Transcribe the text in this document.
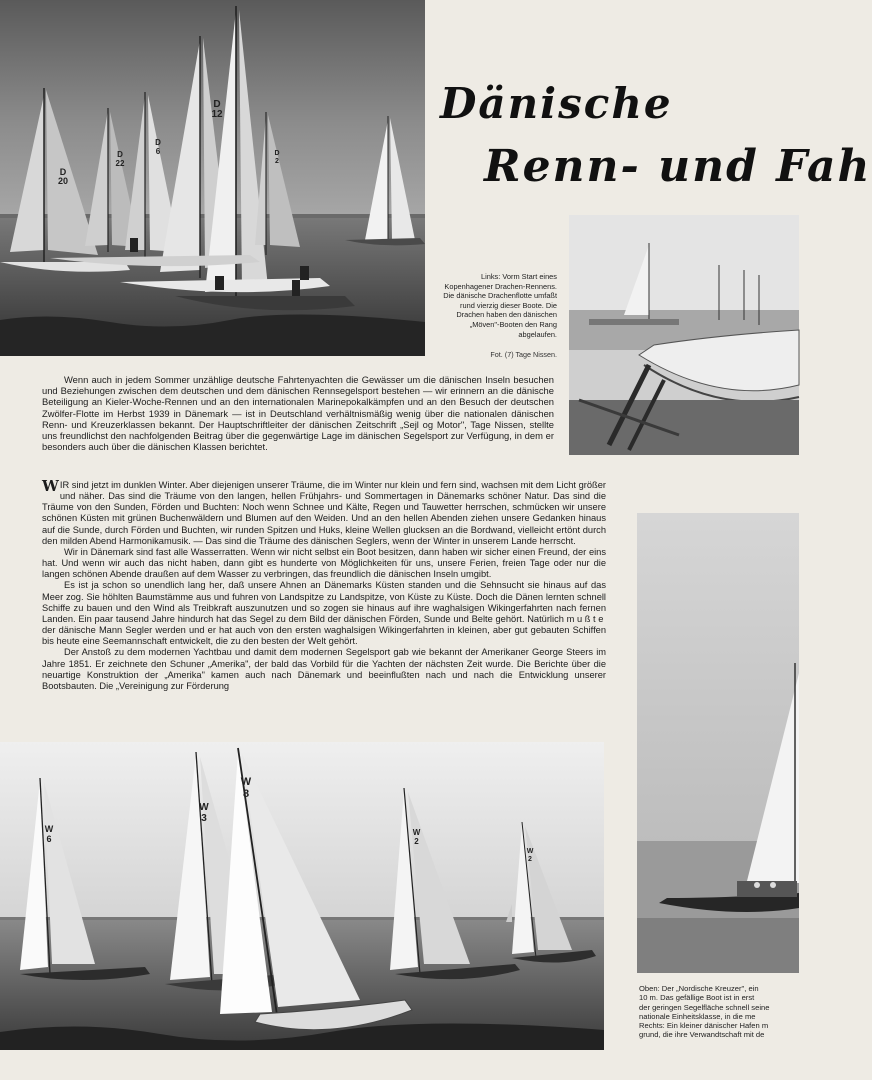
D 20
D 22
D 6
D 12
D 2
Dänische
Renn- und Fah
Links: Vorm Start eines Kopenhagener Drachen-Rennens. Die dänische Drachenflotte umfaßt rund vierzig dieser Boote. Die Drachen haben den dänischen „Möven"-Booten den Rang abgelaufen.
Fot. (7) Tage Nissen.

Wenn auch in jedem Sommer unzählige deutsche Fahrtenyachten die Gewässer um die dänischen Inseln besuchen und Beziehungen zwischen dem deutschen und dem dänischen Rennsegelsport bestehen — wir erinnern an die dänische Beteiligung an Kieler-Woche-Rennen und an den internationalen Marinepokalkämpfen und an den Besuch der deutschen Zwölfer-Flotte im Herbst 1939 in Dänemark — ist in Deutschland verhältnismäßig wenig über die nationalen dänischen Renn- und Kreuzerklassen bekannt. Der Hauptschriftleiter der dänischen Zeitschrift „Sejl og Motor", Tage Nissen, stellte uns freundlichst den nachfolgenden Beitrag über die gegenwärtige Lage im dänischen Segelsport zur Verfügung, in dem er besonders auch über die dänischen Klassen berichtet.

WIR sind jetzt im dunklen Winter. Aber diejenigen unserer Träume, die im Winter nur klein und fern sind, wachsen mit dem Licht größer und näher. Das sind die Träume von den langen, hellen Frühjahrs- und Sommertagen in Dänemarks schöner Natur. Das sind die Träume von den Sunden, Förden und Buchten: Noch wenn Schnee und Kälte, Regen und Tauwetter herrschen, schmücken wir unsere schönen Küsten mit grünen Buchenwäldern und Blumen auf den Weiden. Und an den hellen Abenden ziehen unsere Gedanken hinaus auf die Sunde, durch Förden und Buchten, wir runden Spitzen und Huks, kleine Wellen glucksen an die Bordwand, vielleicht ertönt durch den milden Abend Harmonikamusik. — Das sind die Träume des dänischen Seglers, wenn der Winter in unserem Lande herrscht.

Wir in Dänemark sind fast alle Wasserratten. Wenn wir nicht selbst ein Boot besitzen, dann haben wir sicher einen Freund, der eins hat. Und wenn wir auch das nicht haben, dann gibt es hunderte von Möglichkeiten für uns, unsere Ferien, freien Tage oder nur die langen schönen Abende draußen auf dem Wasser zu verbringen, das freundlich die dänischen Inseln umgibt.

Es ist ja schon so unendlich lang her, daß unsere Ahnen an Dänemarks Küsten standen und die Sehnsucht sie hinaus auf das Meer zog. Sie höhlten Baumstämme aus und fuhren von Landspitze zu Landspitze, von Küste zu Küste. Doch die Dänen lernten schnell Schiffe zu bauen und den Wind als Treibkraft auszunutzen und so zogen sie hinaus auf ihre waghalsigen Wikingerfahrten nach fernen Landen. Ein paar tausend Jahre hindurch hat das Segel zu dem Bild der dänischen Förden, Sunde und Belte gehört. Natürlich mußte der dänische Mann Segler werden und er hat auch von den ersten waghalsigen Wikingerfahrten in kleinen, aber gut gebauten Schiffen bis heute eine Seemannschaft entwickelt, die zu den besten der Welt gehört.

Der Anstoß zu dem modernen Yachtbau und damit dem modernen Segelsport gab wie bekannt der Amerikaner George Steers im Jahre 1851. Er zeichnete den Schuner „Amerika", der bald das Vorbild für die Yachten der nächsten Zeit wurde. Die Berichte über die neuartige Konstruktion der „Amerika" kamen auch nach Dänemark und beeinflußten nach und nach die Entwicklung unserer Bootsbauten. Die „Vereinigung zur Förderung

W 6
W 3
W 8
W 2
W 2
Oben: Der „Nordische Kreuzer", ein
10 m. Das gefällige Boot ist in erst
der geringen Segelfläche schnell seine
nationale Einheitsklasse, in die me
Rechts: Ein kleiner dänischer Hafen m
grund, die ihre Verwandtschaft mit de
